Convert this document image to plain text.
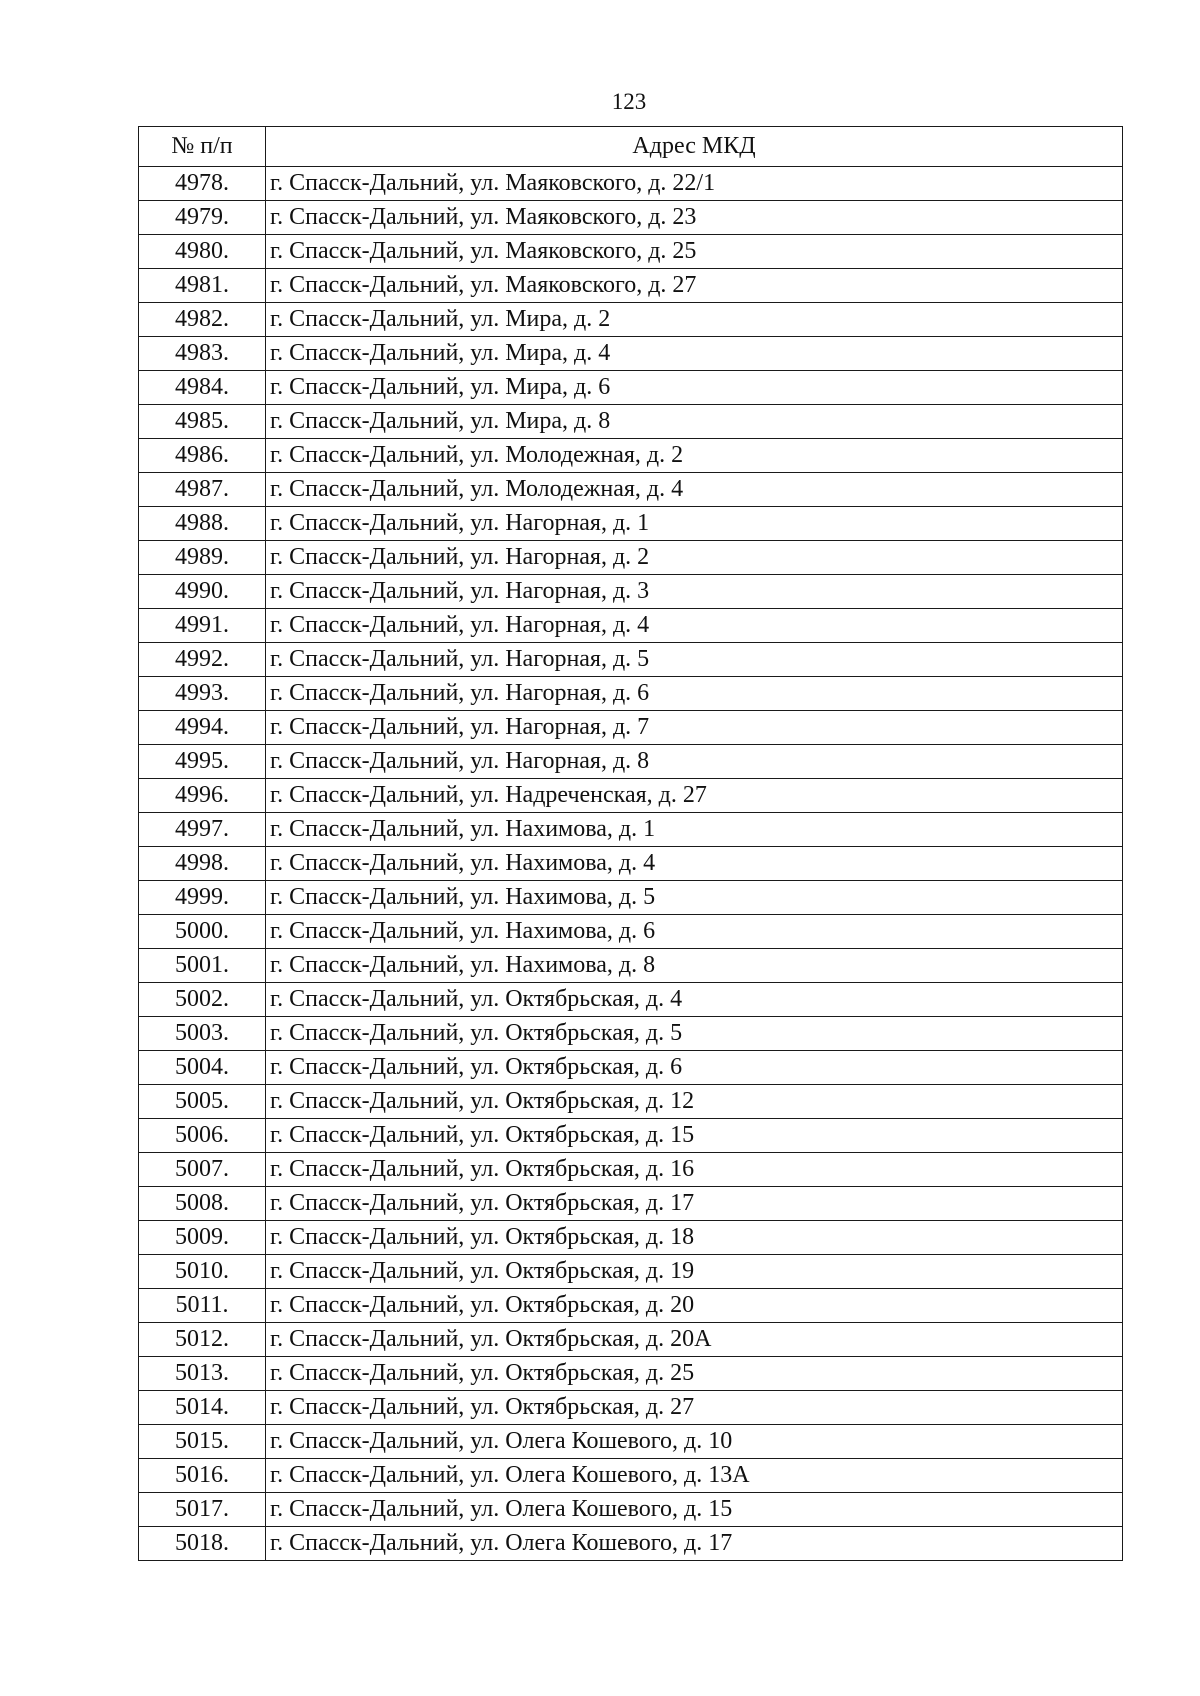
123
№ п/п	Адрес МКД
4978.	г. Спасск-Дальний, ул. Маяковского, д. 22/1
4979.	г. Спасск-Дальний, ул. Маяковского, д. 23
4980.	г. Спасск-Дальний, ул. Маяковского, д. 25
4981.	г. Спасск-Дальний, ул. Маяковского, д. 27
4982.	г. Спасск-Дальний, ул. Мира, д. 2
4983.	г. Спасск-Дальний, ул. Мира, д. 4
4984.	г. Спасск-Дальний, ул. Мира, д. 6
4985.	г. Спасск-Дальний, ул. Мира, д. 8
4986.	г. Спасск-Дальний, ул. Молодежная, д. 2
4987.	г. Спасск-Дальний, ул. Молодежная, д. 4
4988.	г. Спасск-Дальний, ул. Нагорная, д. 1
4989.	г. Спасск-Дальний, ул. Нагорная, д. 2
4990.	г. Спасск-Дальний, ул. Нагорная, д. 3
4991.	г. Спасск-Дальний, ул. Нагорная, д. 4
4992.	г. Спасск-Дальний, ул. Нагорная, д. 5
4993.	г. Спасск-Дальний, ул. Нагорная, д. 6
4994.	г. Спасск-Дальний, ул. Нагорная, д. 7
4995.	г. Спасск-Дальний, ул. Нагорная, д. 8
4996.	г. Спасск-Дальний, ул. Надреченская, д. 27
4997.	г. Спасск-Дальний, ул. Нахимова, д. 1
4998.	г. Спасск-Дальний, ул. Нахимова, д. 4
4999.	г. Спасск-Дальний, ул. Нахимова, д. 5
5000.	г. Спасск-Дальний, ул. Нахимова, д. 6
5001.	г. Спасск-Дальний, ул. Нахимова, д. 8
5002.	г. Спасск-Дальний, ул. Октябрьская, д. 4
5003.	г. Спасск-Дальний, ул. Октябрьская, д. 5
5004.	г. Спасск-Дальний, ул. Октябрьская, д. 6
5005.	г. Спасск-Дальний, ул. Октябрьская, д. 12
5006.	г. Спасск-Дальний, ул. Октябрьская, д. 15
5007.	г. Спасск-Дальний, ул. Октябрьская, д. 16
5008.	г. Спасск-Дальний, ул. Октябрьская, д. 17
5009.	г. Спасск-Дальний, ул. Октябрьская, д. 18
5010.	г. Спасск-Дальний, ул. Октябрьская, д. 19
5011.	г. Спасск-Дальний, ул. Октябрьская, д. 20
5012.	г. Спасск-Дальний, ул. Октябрьская, д. 20А
5013.	г. Спасск-Дальний, ул. Октябрьская, д. 25
5014.	г. Спасск-Дальний, ул. Октябрьская, д. 27
5015.	г. Спасск-Дальний, ул. Олега Кошевого, д. 10
5016.	г. Спасск-Дальний, ул. Олега Кошевого, д. 13А
5017.	г. Спасск-Дальний, ул. Олега Кошевого, д. 15
5018.	г. Спасск-Дальний, ул. Олега Кошевого, д. 17
